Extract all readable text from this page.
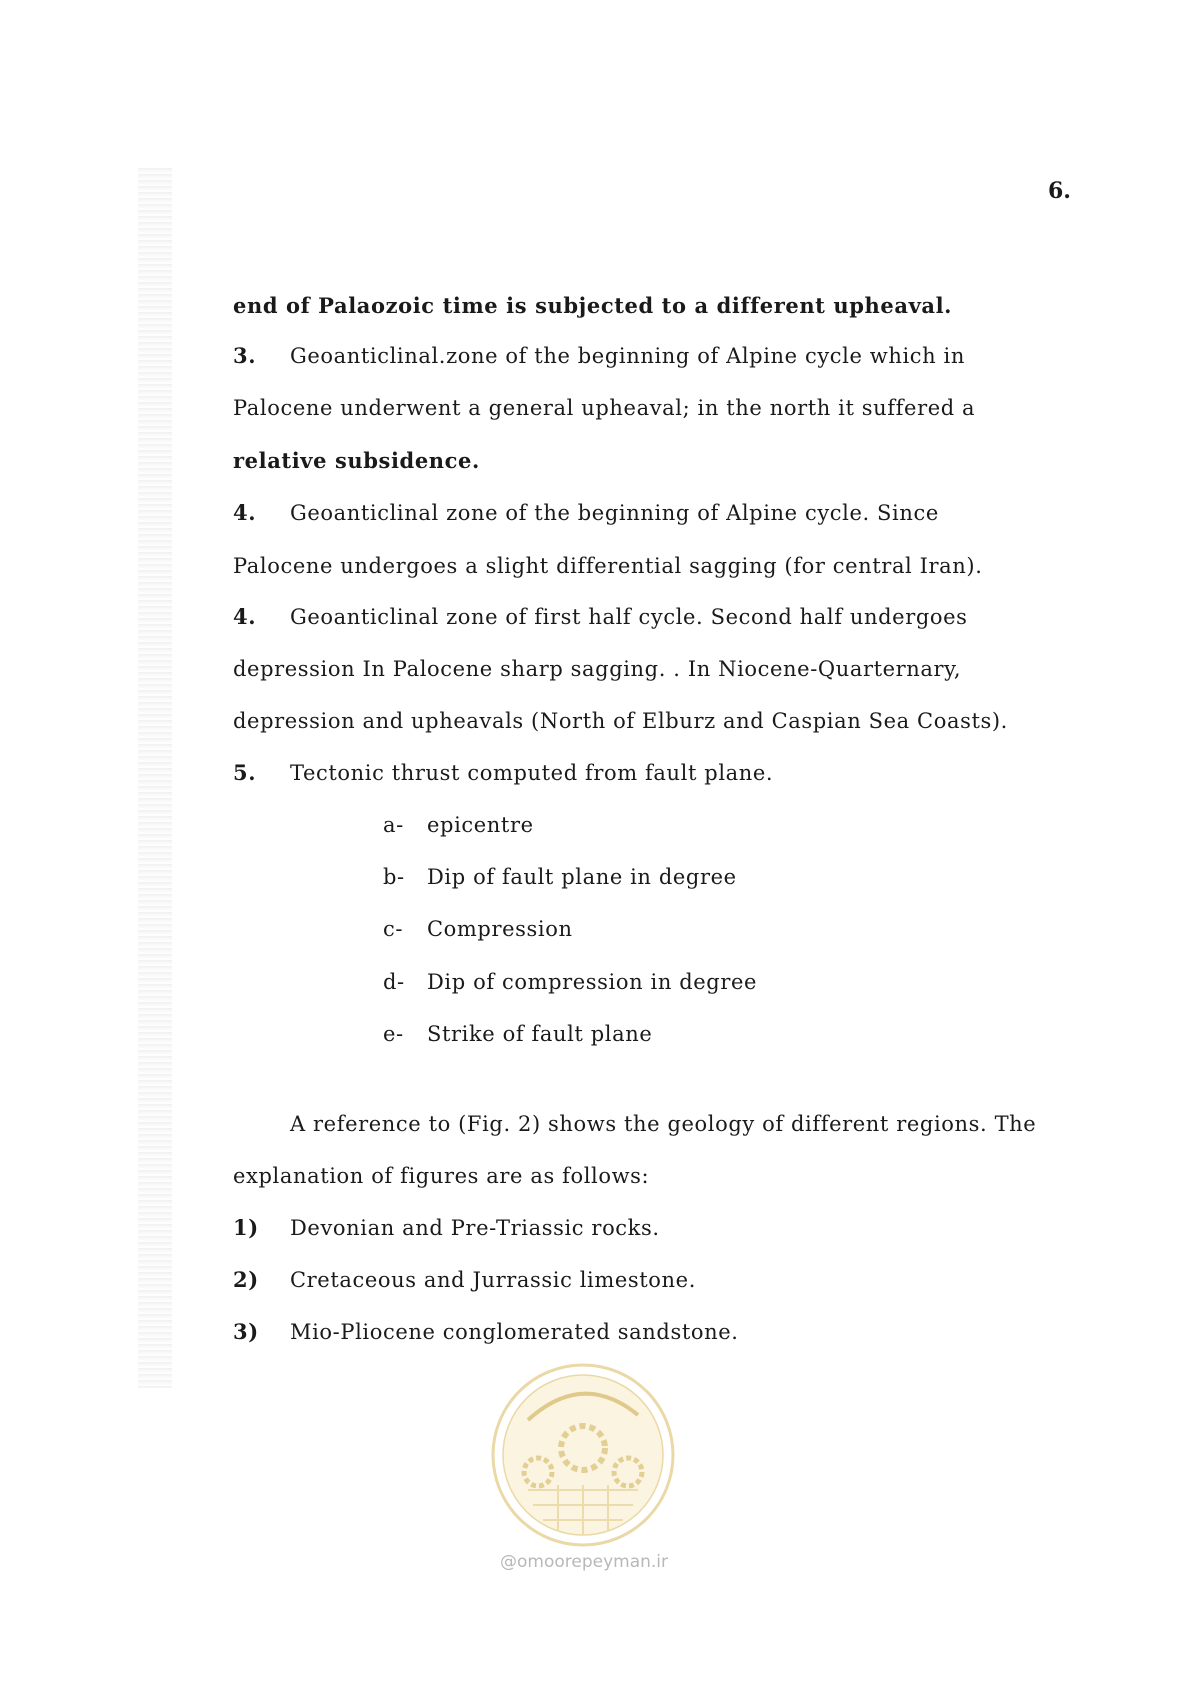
6.
end of Palaozoic time is subjected to a different upheaval.
3. Geoanticlinal.zone of the beginning of Alpine cycle which in
Palocene underwent a general upheaval; in the north it suffered a
relative subsidence.
4. Geoanticlinal zone of the beginning of Alpine cycle. Since
Palocene undergoes a slight differential sagging (for central Iran).
4. Geoanticlinal zone of first half cycle. Second half undergoes
depression In Palocene sharp sagging. . In Niocene-Quarternary,
depression and upheavals (North of Elburz and Caspian Sea Coasts).
5. Tectonic thrust computed from fault plane.
a- epicentre
b- Dip of fault plane in degree
c- Compression
d- Dip of compression in degree
e- Strike of fault plane
A reference to (Fig. 2) shows the geology of different regions. The
explanation of figures are as follows:
1) Devonian and Pre-Triassic rocks.
2) Cretaceous and Jurrassic limestone.
3) Mio-Pliocene conglomerated sandstone.
@omoorepeyman.ir
